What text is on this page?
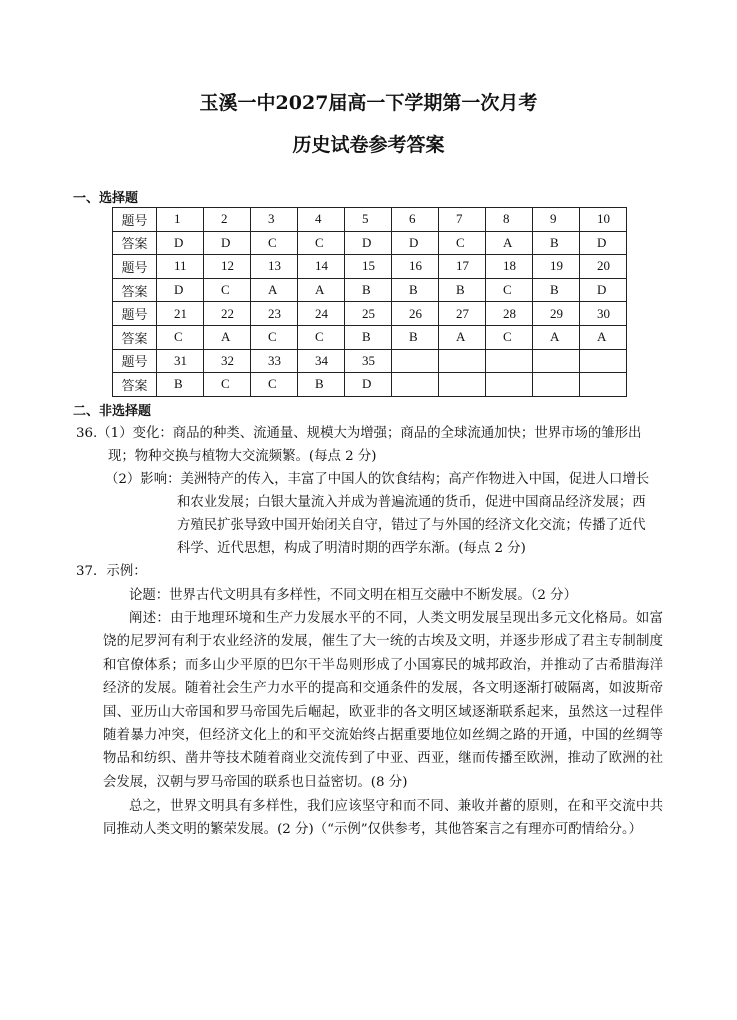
玉溪一中2027届高一下学期第一次月考
历史试卷参考答案
一、选择题
题号	1	2	3	4	5	6	7	8	9	10
答案	D	D	C	C	D	D	C	A	B	D
题号	11	12	13	14	15	16	17	18	19	20
答案	D	C	A	A	B	B	B	C	B	D
题号	21	22	23	24	25	26	27	28	29	30
答案	C	A	C	C	B	B	A	C	A	A
题号	31	32	33	34	35					
答案	B	C	C	B	D					
二、非选择题
36.（1）变化：商品的种类、流通量、规模大为增强；商品的全球流通加快；世界市场的雏形出
现；物种交换与植物大交流频繁。(每点 2 分)
（2）影响：美洲特产的传入，丰富了中国人的饮食结构；高产作物进入中国，促进人口增长
和农业发展；白银大量流入并成为普遍流通的货币，促进中国商品经济发展；西
方殖民扩张导致中国开始闭关自守，错过了与外国的经济文化交流；传播了近代
科学、近代思想，构成了明清时期的西学东渐。(每点 2 分)
37．示例：
论题：世界古代文明具有多样性，不同文明在相互交融中不断发展。（2 分）
阐述：由于地理环境和生产力发展水平的不同，人类文明发展呈现出多元文化格局。如富饶的尼罗河有利于农业经济的发展，催生了大一统的古埃及文明，并逐步形成了君主专制制度和官僚体系；而多山少平原的巴尔干半岛则形成了小国寡民的城邦政治，并推动了古希腊海洋经济的发展。随着社会生产力水平的提高和交通条件的发展，各文明逐渐打破隔离，如波斯帝国、亚历山大帝国和罗马帝国先后崛起，欧亚非的各文明区域逐渐联系起来，虽然这一过程伴随着暴力冲突，但经济文化上的和平交流始终占据重要地位如丝绸之路的开通，中国的丝绸等物品和纺织、凿井等技术随着商业交流传到了中亚、西亚，继而传播至欧洲，推动了欧洲的社会发展，汉朝与罗马帝国的联系也日益密切。(8 分)
总之，世界文明具有多样性，我们应该坚守和而不同、兼收并蓄的原则，在和平交流中共同推动人类文明的繁荣发展。(2 分)（“示例”仅供参考，其他答案言之有理亦可酌情给分。）
